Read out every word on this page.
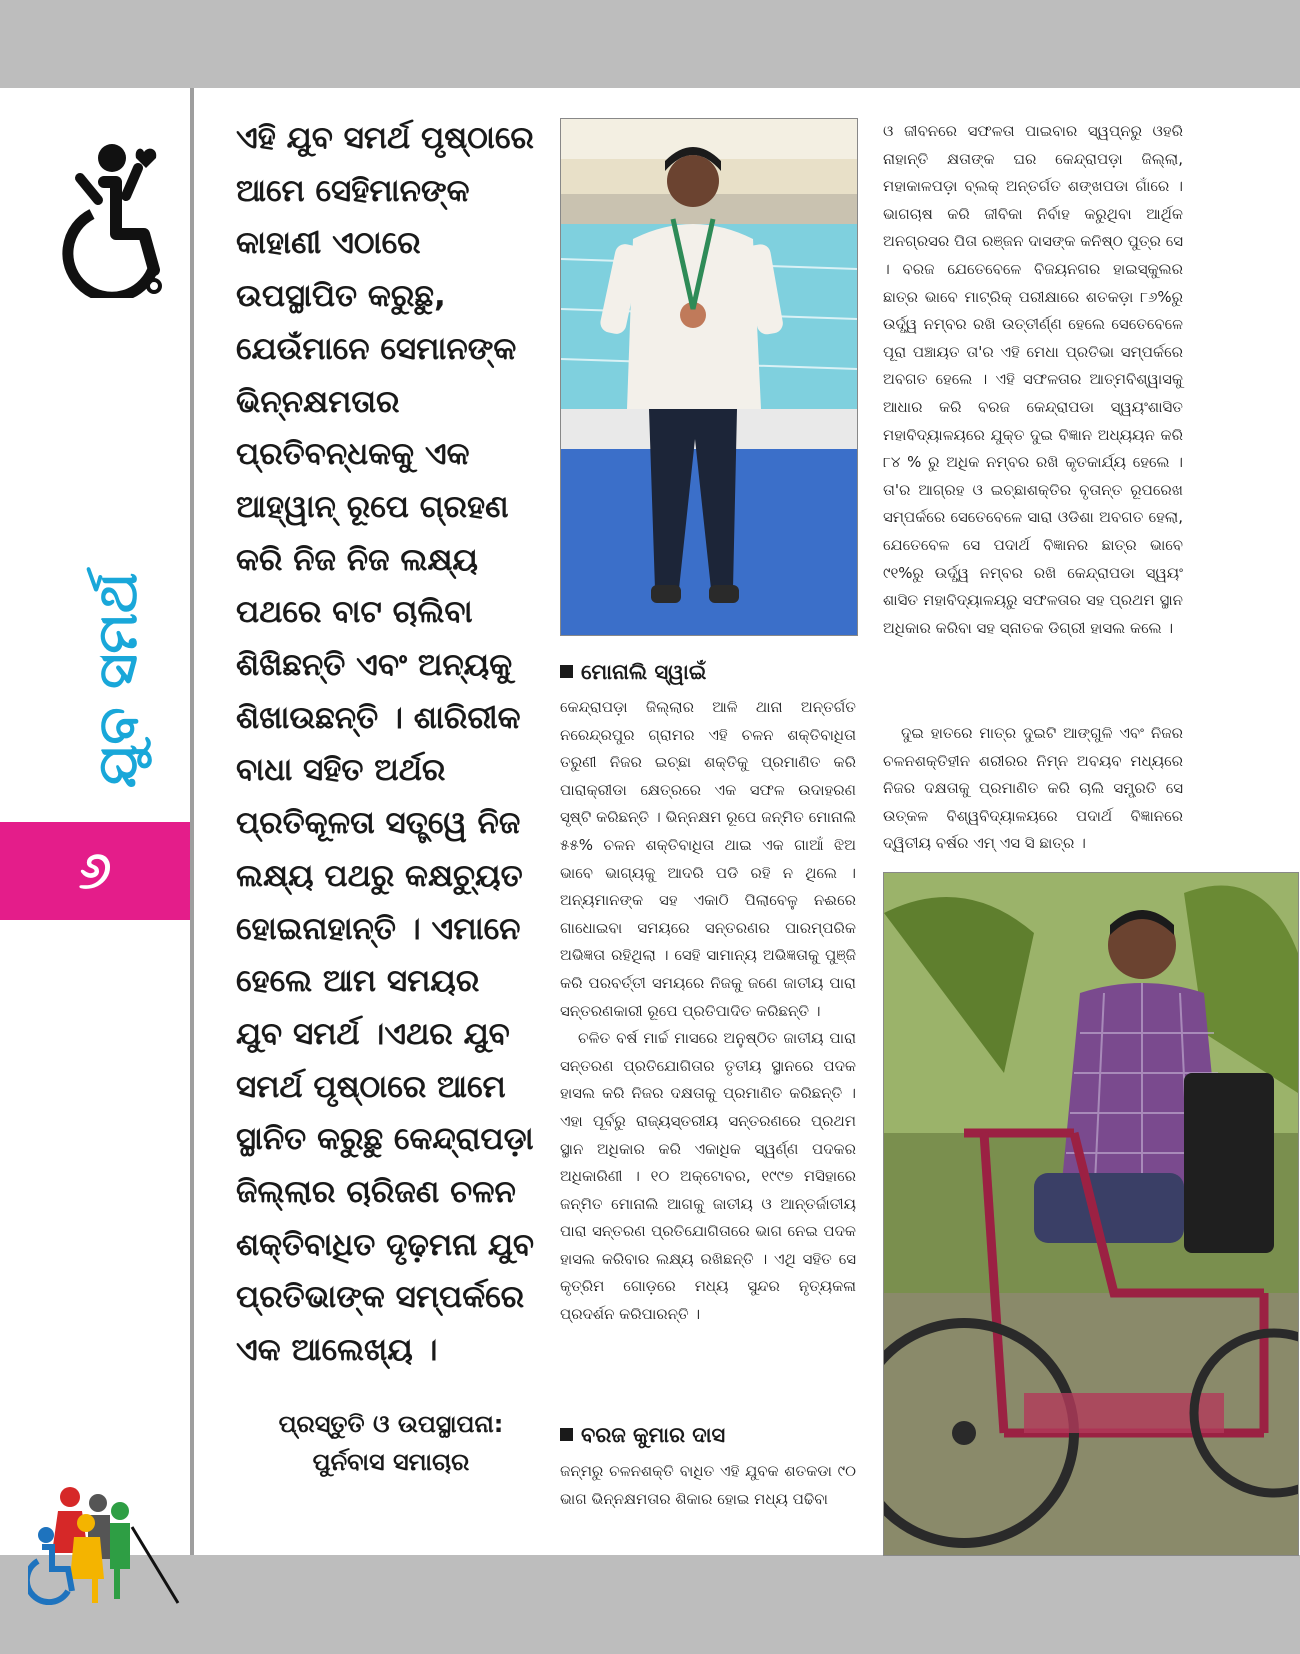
ଯୁବ ସମର୍ଥ
୬
ଏହି ଯୁବ ସମର୍ଥ ପୃଷ୍ଠାରେ ଆମେ ସେହିମାନଙ୍କ କାହାଣୀ ଏଠାରେ ଉପସ୍ଥାପିତ କରୁଛୁ, ଯେଉଁମାନେ ସେମାନଙ୍କ ଭିନ୍ନକ୍ଷମତାର ପ୍ରତିବନ୍ଧକକୁ ଏକ ଆହ୍ୱାନ୍ ରୂପେ ଗ୍ରହଣ କରି ନିଜ ନିଜ ଲକ୍ଷ୍ୟ ପଥରେ ବାଟ ଚାଲିବା ଶିଖିଛନ୍ତି ଏବଂ ଅନ୍ୟକୁ ଶିଖାଉଛନ୍ତି । ଶାରିରୀକ ବାଧା ସହିତ ଅର୍ଥର ପ୍ରତିକୂଳତା ସତ୍ତ୍ୱେ ନିଜ ଲକ୍ଷ୍ୟ ପଥରୁ କକ୍ଷଚ୍ୟୁତ ହୋଇନାହାନ୍ତି । ଏମାନେ ହେଲେ ଆମ ସମୟର ଯୁବ ସମର୍ଥ ।ଏଥର ଯୁବ ସମର୍ଥ ପୃଷ୍ଠାରେ ଆମେ ସ୍ଥାନିତ କରୁଛୁ କେନ୍ଦ୍ରାପଡ଼ା ଜିଲ୍ଲାର ଚାରିଜଣ ଚଳନ ଶକ୍ତିବାଧିତ ଦୃଢ଼ମନା ଯୁବ ପ୍ରତିଭାଙ୍କ ସମ୍ପର୍କରେ ଏକ ଆଲେଖ୍ୟ ।
ପ୍ରସ୍ତୁତି ଓ ଉପସ୍ଥାପନା:
ପୁର୍ନବାସ ସମାଚାର
ମୋନାଲି ସ୍ୱାଇଁ

କେନ୍ଦ୍ରାପଡ଼ା ଜିଲ୍ଲାର ଆଳି ଥାନା ଅନ୍ତର୍ଗତ ନରେନ୍ଦ୍ରପୁର ଗ୍ରାମର ଏହି ଚଳନ ଶକ୍ତିବାଧିତା ତରୁଣୀ ନିଜର ଇଚ୍ଛା ଶକ୍ତିକୁ ପ୍ରମାଣିତ କରି ପାରାକ୍ରୀଡା କ୍ଷେତ୍ରରେ ଏକ ସଫଳ ଉଦାହରଣ ସୃଷ୍ଟି କରିଛନ୍ତି । ଭିନ୍ନକ୍ଷମ ରୂପେ ଜନ୍ମିତ ମୋନାଲି ୫୫% ଚଳନ ଶକ୍ତିବାଧିତା ଥାଇ ଏକ ଗାଆଁ ଝିଅ ଭାବେ ଭାଗ୍ୟକୁ ଆଦରି ପଡି ରହି ନ ଥିଲେ । ଅନ୍ୟମାନଙ୍କ ସହ ଏକାଠି ପିଲାବେଳୁ ନଈରେ ଗାଧୋଇବା ସମୟରେ ସନ୍ତରଣର ପାରମ୍ପରିକ ଅଭିଜ୍ଞତା ରହିଥିଲା । ସେହି ସାମାନ୍ୟ ଅଭିଜ୍ଞତାକୁ ପୁଞ୍ଜି କରି ପରବର୍ତ୍ତୀ ସମୟରେ ନିଜକୁ ଜଣେ ଜାତୀୟ ପାରା ସନ୍ତରଣକାରୀ ରୂପେ ପ୍ରତିପାଦିତ କରିଛନ୍ତି ।

ଚଳିତ ବର୍ଷ ମାର୍ଚ୍ଚ ମାସରେ ଅନୁଷ୍ଠିତ ଜାତୀୟ ପାରା ସନ୍ତରଣ ପ୍ରତିଯୋଗିତାର ତୃତୀୟ ସ୍ଥାନରେ ପଦକ ହାସଲ କରି ନିଜର ଦକ୍ଷତାକୁ ପ୍ରମାଣିତ କରିଛନ୍ତି । ଏହା ପୂର୍ବରୁ ରାଜ୍ୟସ୍ତରୀୟ ସନ୍ତରଣରେ ପ୍ରଥମ ସ୍ଥାନ ଅଧିକାର କରି ଏକାଧିକ ସ୍ୱର୍ଣ୍ଣ ପଦକର ଅଧିକାରିଣୀ । ୧୦ ଅକ୍ଟୋବର, ୧୯୯୭ ମସିହାରେ ଜନ୍ମିତ ମୋନାଲି ଆଗକୁ ଜାତୀୟ ଓ ଆନ୍ତର୍ଜାତୀୟ ପାରା ସନ୍ତରଣ ପ୍ରତିଯୋଗିତାରେ ଭାଗ ନେଇ ପଦକ ହାସଲ କରିବାର ଲକ୍ଷ୍ୟ ରଖିଛନ୍ତି । ଏଥି ସହିତ ସେ କୃତ୍ରିମ ଗୋଡ଼ରେ ମଧ୍ୟ ସୁନ୍ଦର ନୃତ୍ୟକଳା ପ୍ରଦର୍ଶନ କରିପାରନ୍ତି ।

ବରଜ କୁମାର ଦାସ

ଜନ୍ମରୁ ଚଳନଶକ୍ତି ବାଧିତ ଏହି ଯୁବକ ଶତକଡା ୯୦ ଭାଗ ଭିନ୍ନକ୍ଷମତାର ଶିକାର ହୋଇ ମଧ୍ୟ ପଢିବା

ଓ ଜୀବନରେ ସଫଳତା ପାଇବାର ସ୍ୱପ୍ନରୁ ଓହରି ନାହାନ୍ତି କ୍ଷତାଙ୍କ ଘର କେନ୍ଦ୍ରାପଡ଼ା ଜିଲ୍ଲା, ମହାକାଳପଡ଼ା ବ୍ଲକ୍ ଅନ୍ତର୍ଗତ ଶଙ୍ଖପଡା ଗାଁରେ । ଭାଗଚାଷ କରି ଜୀବିକା ନିର୍ବାହ କରୁଥିବା ଆର୍ଥିକ ଅନଗ୍ରସର ପିତା ରଞ୍ଜନ ଦାସଙ୍କ କନିଷ୍ଠ ପୁତ୍ର ସେ । ବରଜ ଯେତେବେଳେ ବିଜୟନଗର ହାଇସ୍କୁଲର ଛାତ୍ର ଭାବେ ମାଟ୍ରିକ୍ ପରୀକ୍ଷାରେ ଶତକଡ଼ା ୮୬%ରୁ ଉର୍ଦ୍ଧ୍ୱ ନମ୍ବର ରଖି ଉତ୍ତୀର୍ଣ୍ଣ ହେଲେ ସେତେବେଳେ ପୂରା ପଞ୍ଚାୟତ ତା'ର ଏହି ମେଧା ପ୍ରତିଭା ସମ୍ପର୍କରେ ଅବଗତ ହେଲେ । ଏହି ସଫଳତାର ଆତ୍ମବିଶ୍ୱାସକୁ ଆଧାର କରି ବରଜ କେନ୍ଦ୍ରାପଡା ସ୍ୱୟଂଶାସିତ ମହାବିଦ୍ୟାଳୟରେ ଯୁକ୍ତ ଦୁଇ ବିଜ୍ଞାନ ଅଧ୍ୟୟନ କରି ୮୪ % ରୁ ଅଧିକ ନମ୍ବର ରଖି କୃତକାର୍ଯ୍ୟ ହେଲେ । ତା'ର ଆଗ୍ରହ ଓ ଇଚ୍ଛାଶକ୍ତିର ବୃତାନ୍ତ ରୂପରେଖ ସମ୍ପର୍କରେ ସେତେବେଳେ ସାରା ଓଡିଶା ଅବଗତ ହେଲା, ଯେତେବେଳ ସେ ପଦାର୍ଥ ବିଜ୍ଞାନର ଛାତ୍ର ଭାବେ ୯୧%ରୁ ଉର୍ଦ୍ଧ୍ୱ ନମ୍ବର ରଖି କେନ୍ଦ୍ରାପଡା ସ୍ୱୟଂ ଶାସିତ ମହାବିଦ୍ୟାଳୟରୁ ସଫଳତାର ସହ ପ୍ରଥମ ସ୍ଥାନ ଅଧିକାର କରିବା ସହ ସ୍ନାତକ ଡିଗ୍ରୀ ହାସଲ କଲେ ।

ଦୁଇ ହାତରେ ମାତ୍ର ଦୁଇଟି ଆଙ୍ଗୁଳି ଏବଂ ନିଜର ଚଳନଶକ୍ତିହୀନ ଶରୀରର ନିମ୍ନ ଅବୟବ ମଧ୍ୟରେ ନିଜର ଦକ୍ଷତାକୁ ପ୍ରମାଣିତ କରି ଚାଲି ସମ୍ପ୍ରତି ସେ ଉତ୍କଳ ବିଶ୍ୱବିଦ୍ୟାଳୟରେ ପଦାର୍ଥ ବିଜ୍ଞାନରେ ଦ୍ୱିତୀୟ ବର୍ଷର ଏମ୍ ଏସ ସି ଛାତ୍ର ।
